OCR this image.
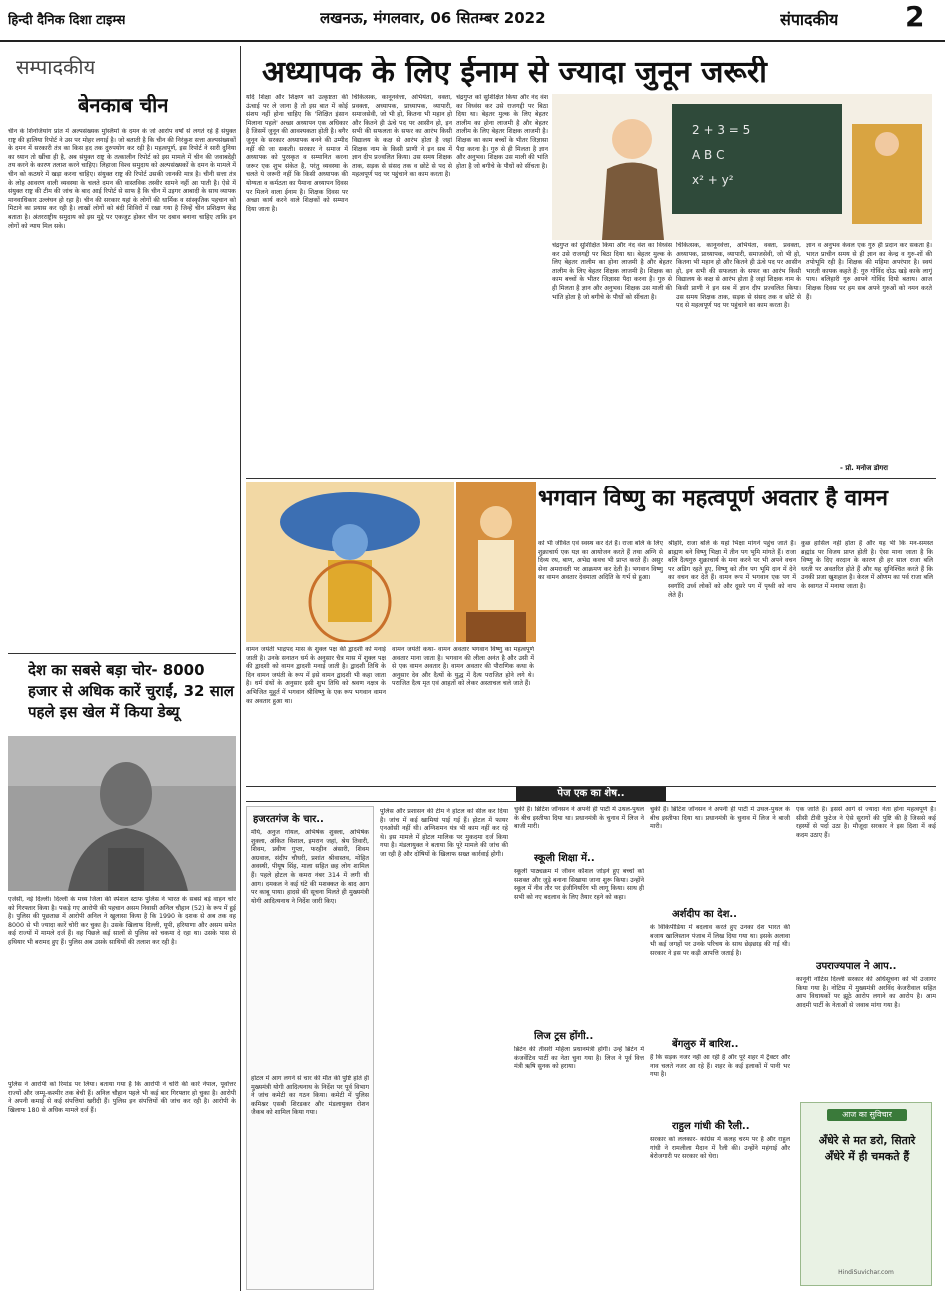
हिन्दी दैनिक दिशा टाइम्स	लखनऊ, मंगलवार, 06 सितम्बर 2022	संपादकीय 2
सम्पादकीय
बेनकाब चीन
चीन के शिनजियांग प्रांत में अल्पसंख्यक मुस्लिमों के दमन के जो आरोप वर्षों से लगते रहे हैं संयुक्त राष्ट्र की हालिया रिपोर्ट ने उस पर मोहर लगाई है। जो बताती है कि चीन की निरंकुश सत्ता अल्पसंख्यकों के दमन में सरकारी तंत्र का किस हद तक दुरुपयोग कर रही है। महत्वपूर्ण, इस रिपोर्ट ने सारी दुनिया का ध्यान तो खींचा ही है, अब संयुक्त राष्ट्र के तत्कालीन रिपोर्ट को इस मामले में चीन की जवाबदेही तय करने के कारण तलाश करने चाहिए। लिहाजा विश्व समुदाय को अल्पसंख्यकों के दमन के मामले में चीन को कठघरे में खड़ा करना चाहिए। संयुक्त राष्ट्र की रिपोर्ट उसकी जानकी मात्र है। चीनी सत्ता तंत्र के लोह आवरण वाली व्यवस्था के चलते दमन की वास्तविक तस्वीर सामने नहीं आ पाती है। ऐसे में संयुक्त राष्ट्र की टीम की जांच के बाद आई रिपोर्ट से साफ है कि चीन में उइगर आबादी के साथ व्यापक मानवाधिकार उल्लंघन हो रहा है। चीन की सरकार यहां के लोगों की धार्मिक व सांस्कृतिक पहचान को मिटाने का प्रयास कर रही है। लाखों लोगों को बंदी शिविरों में रखा गया है जिन्हें चीन प्रशिक्षण केंद्र बताता है। अंतरराष्ट्रीय समुदाय को इस मुद्दे पर एकजुट होकर चीन पर दबाव बनाना चाहिए ताकि इन लोगों को न्याय मिल सके।
देश का सबसे बड़ा चोर- 8000 हजार से अधिक कारें चुराईं, 32 साल पहले इस खेल में किया डेब्यू
एजेंसी, नई दिल्ली। दिल्ली के मध्य जिला की स्पेशल स्टाफ पुलिस ने भारत के सबसे बड़े वाहन चोर को गिरफ्तार किया है। पकड़े गए आरोपी की पहचान असम निवासी अनिल चौहान (52) के रूप में हुई है। पुलिस की पूछताछ में आरोपी अनिल ने खुलासा किया है कि 1990 के दशक से अब तक वह 8000 से भी ज्यादा कारें चोरी कर चुका है। उसके खिलाफ दिल्ली, यूपी, हरियाणा और असम समेत कई राज्यों में मामले दर्ज हैं। वह पिछले कई सालों से पुलिस को चकमा दे रहा था। उसके पास से हथियार भी बरामद हुए हैं। पुलिस अब उसके साथियों की तलाश कर रही है।
पुलिस ने आरोपी को रिमांड पर लिया। बताया गया है कि आरोपी ने चोरी की कारें नेपाल, पूर्वोत्तर राज्यों और जम्मू-कश्मीर तक बेची हैं। अनिल चौहान पहले भी कई बार गिरफ्तार हो चुका है। आरोपी ने अपनी कमाई से कई संपत्तियां खरीदी हैं। पुलिस इन संपत्तियों की जांच कर रही है। आरोपी के खिलाफ 180 से अधिक मामले दर्ज हैं।
अध्यापक के लिए ईनाम से ज्यादा जुनून जरूरी
यदि शिक्षा और शिक्षण को उत्कृष्टता की ऊंचाई पर ले जाना है तो इस बात में कोई संशय नहीं होना चाहिए कि 'शिक्षित इंसान मिलाना पहले' अच्छा अध्यापन एक अधिकार है जिसमें जुनून की आवश्यकता होती है। बगैर जुनून के सरकार अध्यापक बनने की उम्मीद नहीं की जा सकती। सरकार ने समाज में अध्यापक को पुरस्कृत व सम्मानित करना जरूर एक शुभ संकेत है, परंतु व्यवस्था के चलते ये जरूरी नहीं कि किसी अध्यापक की योग्यता व कर्मठता का पैमाना अध्यापन दिवस पर मिलने वाला ईनाम है। शिक्षक दिवस पर अच्छा कार्य करने वाले शिक्षकों को सम्मान दिया जाता है।
चिकित्सक, कानूनवेत्ता, अभियंता, वक्ता, प्रवक्ता, अध्यापक, प्राध्यापक, व्यापारी, समाजसेवी, जो भी हो, कितना भी महान हो और कितने ही ऊंचे पद पर आसीन हो, इन सभी की सफलता के सफर का आरंभ किसी विद्यालय के कक्ष से आरंभ होता है जहां शिक्षक नाम के किसी प्राणी ने इन सब में ज्ञान दीप प्रज्वलित किया। उस समय शिक्षक ताक, सड़क से संसद तक व छोटे से पद से महत्वपूर्ण पद पर पहुंचाने का काम करता है।
चंद्रगुप्त को सुशिक्षित किया और नंद वंश का विध्वंस कर उसे राजगद्दी पर बिठा दिया था। बेहतर मुल्क के लिए बेहतर तालीम का होना लाजमी है और बेहतर तालीम के लिए बेहतर शिक्षक लाजमी है। शिक्षक का काम बच्चों के भीतर जिज्ञासा पैदा करना है। गुरु से ही मिलता है ज्ञान और अनुभव। शिक्षक उस माली की भांति होता है जो बगीचे के पौधों को सींचता है।
2 + 3 = 5
A B C
x² + y²
चंद्रगुप्त को सुशिक्षित किया और नंद वंश का विध्वंस कर उसे राजगद्दी पर बिठा दिया था। बेहतर मुल्क के लिए बेहतर तालीम का होना लाजमी है और बेहतर तालीम के लिए बेहतर शिक्षक लाजमी है। शिक्षक का काम बच्चों के भीतर जिज्ञासा पैदा करना है। गुरु से ही मिलता है ज्ञान और अनुभव। शिक्षक उस माली की भांति होता है जो बगीचे के पौधों को सींचता है।
चिकित्सक, कानूनवेत्ता, अभियंता, वक्ता, प्रवक्ता, अध्यापक, प्राध्यापक, व्यापारी, समाजसेवी, जो भी हो, कितना भी महान हो और कितने ही ऊंचे पद पर आसीन हो, इन सभी की सफलता के सफर का आरंभ किसी विद्यालय के कक्ष से आरंभ होता है जहां शिक्षक नाम के किसी प्राणी ने इन सब में ज्ञान दीप प्रज्वलित किया। उस समय शिक्षक ताक, सड़क से संसद तक व छोटे से पद से महत्वपूर्ण पद पर पहुंचाने का काम करता है।
ज्ञान व अनुभव केवल एक गुरु ही प्रदान कर सकता है। भारत प्राचीन समय से ही ज्ञान का केन्द्र व गुरु-शों की तपोभूमि रही है। शिक्षक की महिमा अपरंपार है। स्वयं भारती कायक कहते हैं: गुरु गोविंद दोऊ खड़े काके लागूं पाय। बलिहारी गुरु आपने गोविंद दियो बताय। आज शिक्षक दिवस पर हम सब अपने गुरुओं को नमन करते हैं।
- प्रो. मनोज डोगरा
भगवान विष्णु का महत्वपूर्ण अवतार है वामन
को भी जीवित एवं स्वस्थ कर देते हैं। राजा बलि के लिए शुक्राचार्य एक यज्ञ का आयोजन करते हैं तथा अग्नि से दिव्य रथ, बाण, अभेद्य कवच भी प्राप्त करते हैं। असुर सेना अमरावती पर आक्रमण कर देती है। भगवान विष्णु का वामन अवतार देवमाता अदिति के गर्भ से हुआ।
श्रीहरि, राजा बलि के यहां भिक्षा मांगने पहुंच जाते हैं। ब्राह्मण बने विष्णु भिक्षा में तीन पग भूमि मांगते हैं। राजा बलि दैत्यगुरु शुक्राचार्य के मना करने पर भी अपने वचन पर अडिग रहते हुए, विष्णु को तीन पग भूमि दान में देने का वचन कर देते हैं। वामन रूप में भगवान एक पग में स्वर्गादि उर्ध्व लोकों को और दूसरे पग में पृथ्वी को नाप लेते हैं।
कुछ हासिल नहीं होता है और यह भी कि मन-समस्त ब्रह्मांड पर विजय प्राप्त होती है। ऐसा माना जाता है कि विष्णु के दिए वरदान के कारण ही हर साल राजा बलि धरती पर अवतरित होते हैं और यह सुनिश्चित करते हैं कि उनकी प्रजा खुशहाल है। केरल में ओणम का पर्व राजा बलि के स्वागत में मनाया जाता है।
वामन जयंती भाद्रपद मास के शुक्ल पक्ष की द्वादशी को मनाई जाती है। उनके सनातन धर्म के अनुसार चैत्र मास में शुक्ल पक्ष की द्वादशी को वामन द्वादशी मनाई जाती है। द्वादशी तिथि के दिन वामन जयंती के रूप में इसे वामन द्वादशी भी कहा जाता है। धर्म ग्रंथों के अनुसार इसी शुभ तिथि को श्रवण नक्षत्र के अभिजित मुहूर्त में भगवान श्रीविष्णु के एक रूप भगवान वामन का अवतार हुआ था।
वामन जयंती कथा- वामन अवतार भगवान विष्णु का महत्वपूर्ण अवतार माना जाता है। भगवान की लीला अनंत है और उसी में से एक वामन अवतार है। वामन अवतार की पौराणिक कथा के अनुसार देव और दैत्यों के युद्ध में दैत्य पराजित होने लगे थे। पराजित दैत्य मृत एवं आहतों को लेकर अस्ताचल चले जाते हैं।
पेज एक का शेष..
हजरतगंज के चार..
मौर्य, अनुज गोयल, अभिषेक शुक्ला, अभिषेक शुक्ला, अंकित विशाल, इमरान जहां, श्रेय तिवारी, शिवम, प्रवीण गुप्ता, फरहीन अंसारी, शिवम अग्रवाल, संदीप चौधरी, प्रशांत श्रीवास्तव, मोहित अवस्थी, पीयूष सिंह, माला सहित छह लोग शामिल हैं। पहले होटल के कमरा नंबर 314 में लगी थी आग। दमकल ने कई घंटे की मशक्कत के बाद आग पर काबू पाया। हादसे की सूचना मिलते ही मुख्यमंत्री योगी आदित्यनाथ ने निर्देश जारी किए।
होटल में आग लगने से चार की मौत की पुष्टि होते ही मुख्यमंत्री योगी आदित्यनाथ के निर्देश पर पूर्व विभाग ने जांच कमेटी का गठन किया। कमेटी में पुलिस कमिश्नर एसबी शिरडकर और मंडलायुक्त रोशन जैकब को शामिल किया गया।
पुलिस और प्रशासन की टीम ने होटल को सील कर दिया है। जांच में कई खामियां पाई गई हैं। होटल में फायर एनओसी नहीं थी। अग्निशमन यंत्र भी काम नहीं कर रहे थे। इस मामले में होटल मालिक पर मुकदमा दर्ज किया गया है। मंडलायुक्त ने बताया कि पूरे मामले की जांच की जा रही है और दोषियों के खिलाफ सख्त कार्रवाई होगी।
चुकी हैं। ब्रिटिश जॉनसन ने अपनी ही पार्टी में उथल-पुथल के बीच इस्तीफा दिया था। प्रधानमंत्री के चुनाव में लिज ने बाजी मारी।
स्कूली शिक्षा में..
स्कूली पाठ्यक्रम में जीवन कौशल जोड़ने हुए बच्चों को सशक्त और जुड़े बनाना सिखाया जाना शुरू किया। उन्होंने स्कूल में नीव तौर पर इंजीनियरिंग भी लागू किया। साथ ही सभी को नए बदलाव के लिए तैयार रहने को कहा।
लिज ट्रस होंगी..
ब्रिटेन की तीसरी महिला प्रधानमंत्री होंगी। उन्हें ब्रिटेन में कंजर्वेटिव पार्टी का नेता चुना गया है। लिज ने पूर्व वित्त मंत्री ऋषि सुनक को हराया।
चुकी हैं। ब्रिटिश जॉनसन ने अपनी ही पार्टी में उथल-पुथल के बीच इस्तीफा दिया था। प्रधानमंत्री के चुनाव में लिज ने बाजी मारी।
अर्शदीप का देश..
के विकिपीडिया में बदलाव करते हुए उनका देश भारत की बजाय खालिस्तान पंजाब में लिख दिया गया था। इसके अलावा भी कई जगहों पर उनके परिचय के साथ छेड़छाड़ की गई थी। सरकार ने इस पर कड़ी आपत्ति जताई है।
बेंगलुरु में बारिश..
हैं कि सड़क नजर नहीं आ रही है और पूरे शहर में ट्रैक्टर और नाव चलते नजर आ रहे हैं। शहर के कई इलाकों में पानी भर गया है।
राहुल गांधी की रैली..
सरकार को ललकार- कांग्रेस में कलह चरम पर है और राहुल गांधी ने रामलीला मैदान में रैली की। उन्होंने महंगाई और बेरोजगारी पर सरकार को घेरा।
एक जाति है। इससे आगे से ज्यादा नेता होना महत्वपूर्ण है। सीसी टीवी फुटेज ने ऐसे सुरागों की पुष्टि की है जिससे कई रहस्यों से पर्दा उठा है। मौजूदा सरकार ने इस दिशा में कई कदम उठाए हैं।
उपराज्यपाल ने आप..
कानूनी नोटिस दिल्ली सरकार की अधिसूचना को भी उजागर किया गया है। नोटिस में मुख्यमंत्री अरविंद केजरीवाल सहित आप विधायकों पर झूठे आरोप लगाने का आरोप है। आम आदमी पार्टी के नेताओं से जवाब मांगा गया है।
आज का सुविचार
अँधेरे से मत डरो, सितारे अँधेरे में ही चमकते हैं
HindiSuvichar.com
